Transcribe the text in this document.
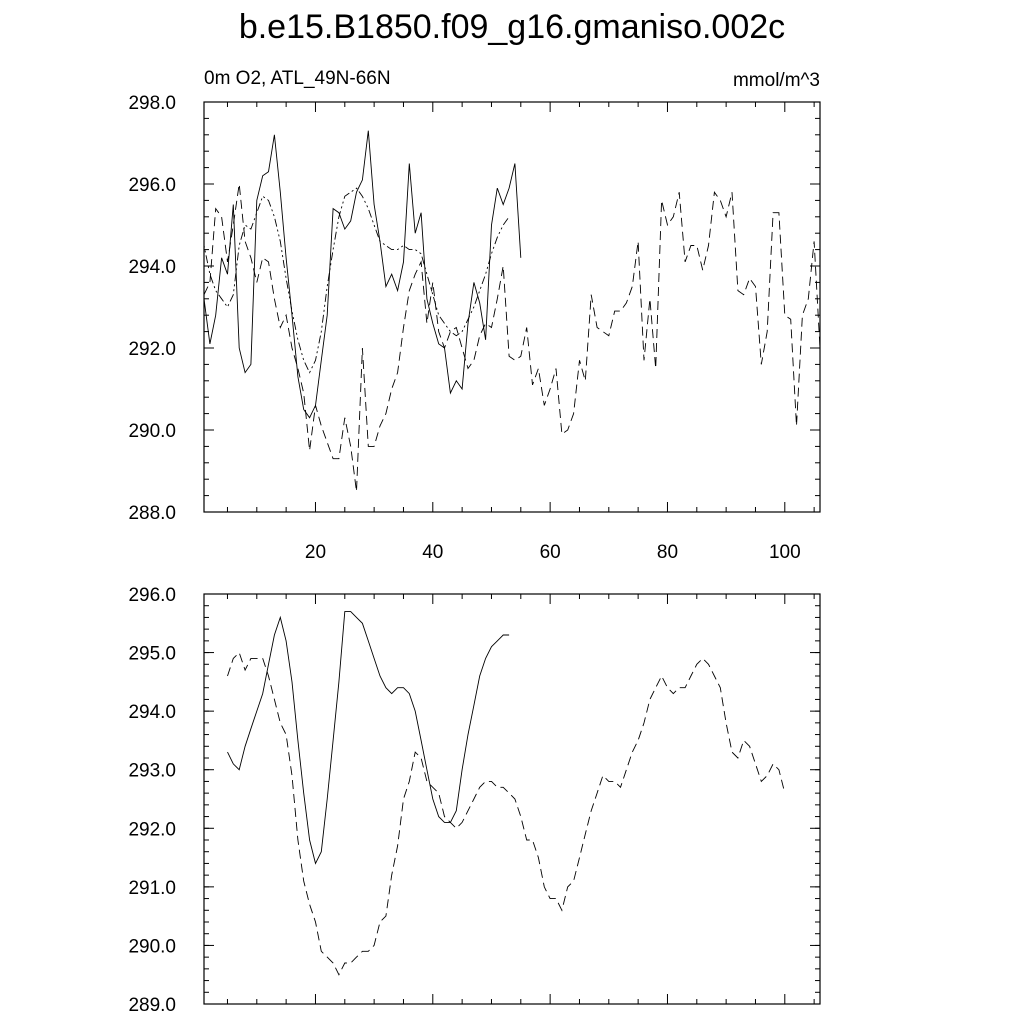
b.e15.B1850.f09_g16.gmaniso.002c
0m O2, ATL_49N-66N	mmol/m^3
288.0
290.0
292.0
294.0
296.0
298.0
20	40	60	80	100
289.0
290.0
291.0
292.0
293.0
294.0
295.0
296.0
